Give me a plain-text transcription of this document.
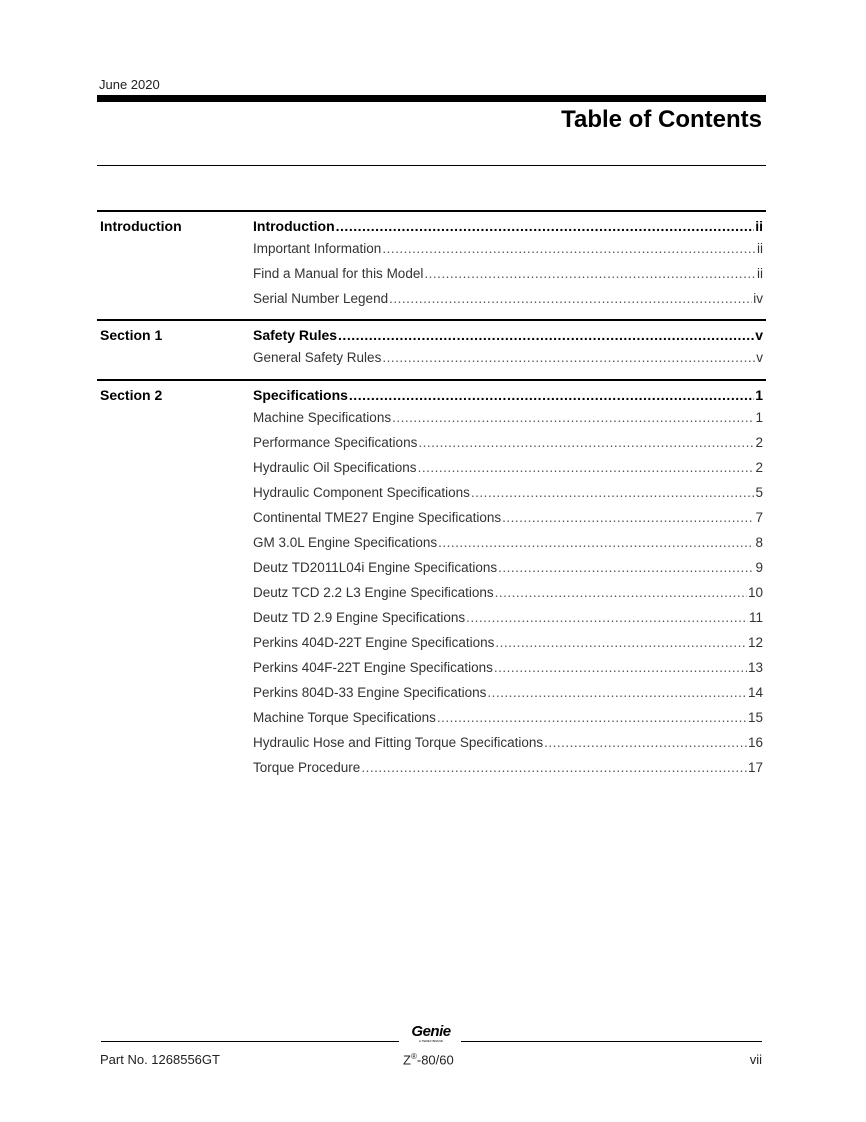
June 2020
Table of Contents
Introduction	Introduction .....	ii
Important Information .....	ii
Find a Manual for this Model .....	ii
Serial Number Legend .....	iv
Section 1	Safety Rules .....	v
General Safety Rules .....	v
Section 2	Specifications .....	1
Machine Specifications .....	1
Performance Specifications .....	2
Hydraulic Oil Specifications .....	2
Hydraulic Component Specifications .....	5
Continental TME27 Engine Specifications .....	7
GM 3.0L Engine Specifications .....	8
Deutz TD2011L04i Engine Specifications .....	9
Deutz TCD 2.2 L3 Engine Specifications .....	10
Deutz TD 2.9 Engine Specifications .....	11
Perkins 404D-22T Engine Specifications .....	12
Perkins 404F-22T Engine Specifications .....	13
Perkins 804D-33 Engine Specifications .....	14
Machine Torque Specifications .....	15
Hydraulic Hose and Fitting Torque Specifications .....	16
Torque Procedure .....	17
Genie
A TEREX BRAND
Part No. 1268556GT	Z®-80/60	vii
